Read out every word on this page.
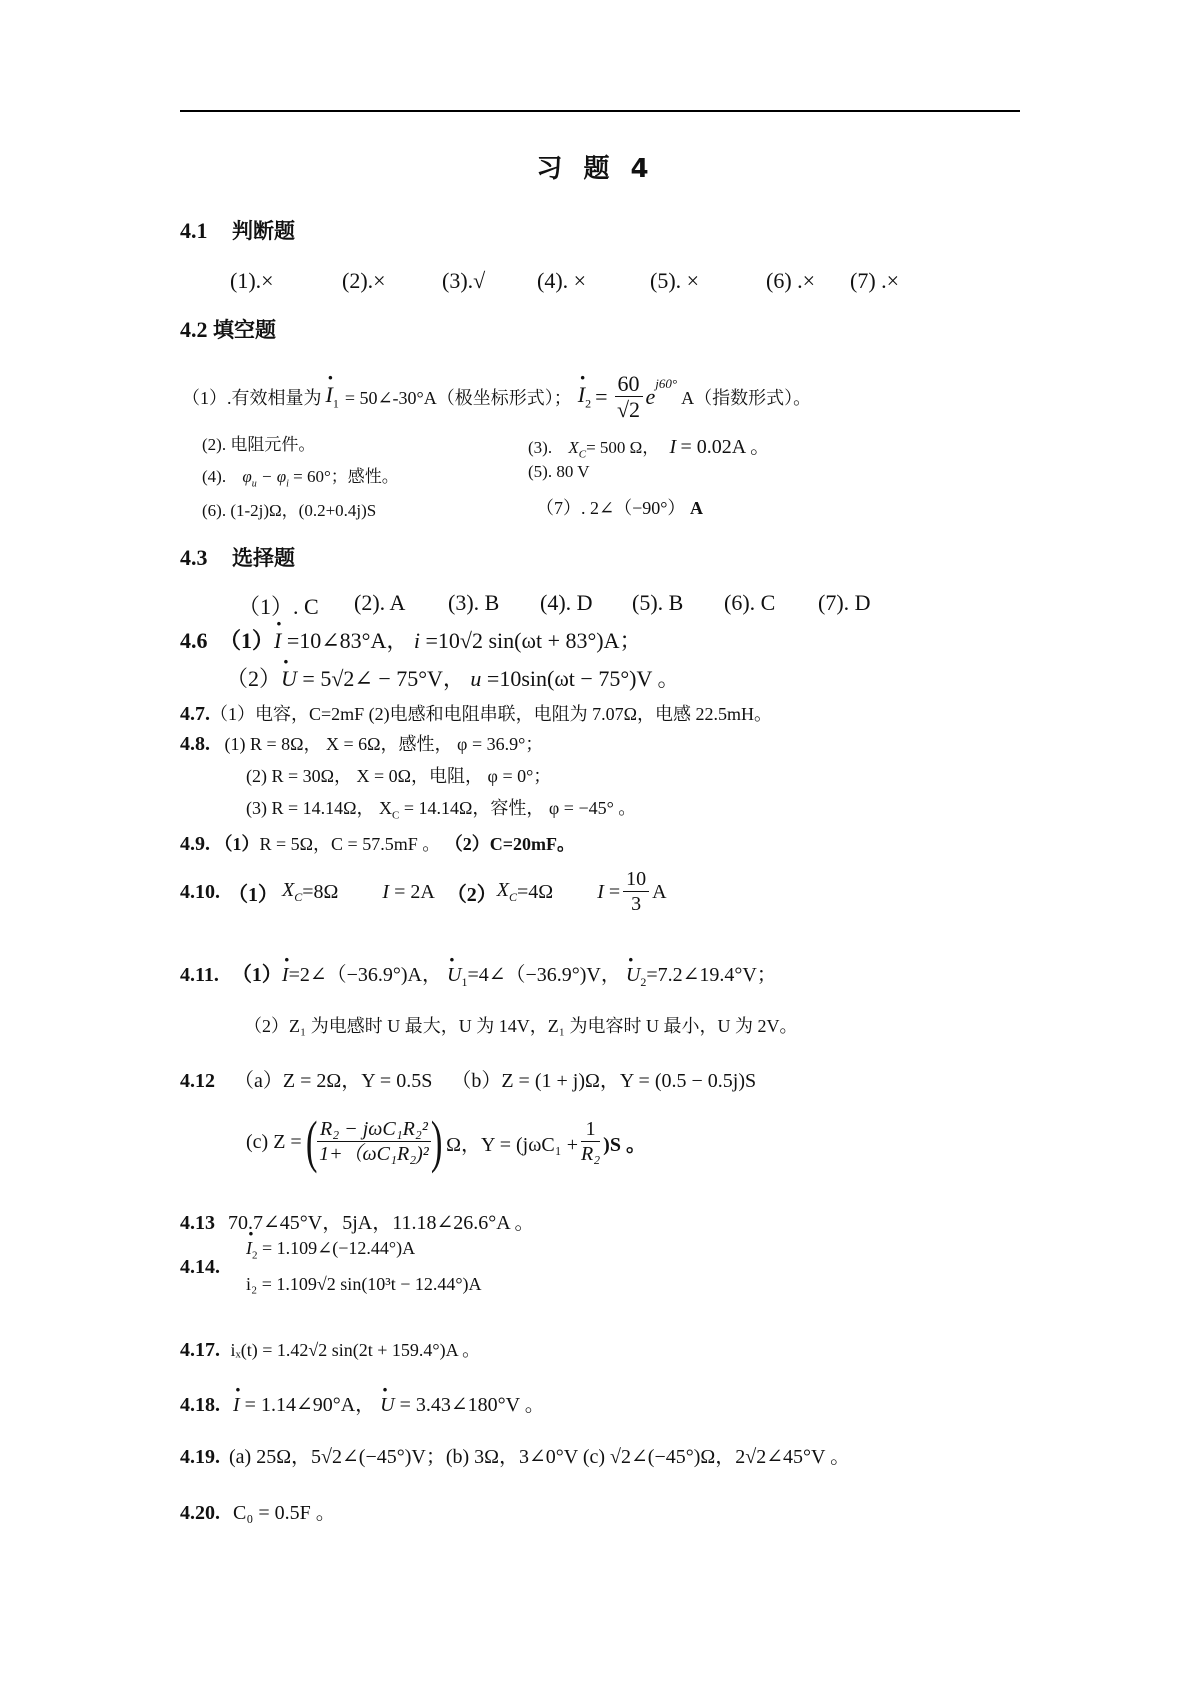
习 题 4
4.1 判断题
(1).×	(2).×	(3).√ (4). ×	(5). ×	(6) .× (7) .×
4.2 填空题
（1）.有效相量为 · $I_1$ = 50∠-30°A（极坐标形式）； · $I_2 = \frac{60}{√2}$ e
$^{j60^\circ}$
A（指数形式）。
(2). 电阻元件。	(3). $X_C= 500$ Ω， I = 0.02A 。
(4). $\varphi_u - \varphi_i = 60^\circ$；感性。	(5). 80 V
(6). (1-2j)Ω，(0.2+0.4j)S	（7）. 2∠（−90°） A
4.3 选择题
（1）. C (2). A (3). B (4). D (5). B (6). C (7). D
4.6 （1）· I =10∠83°A， i =10√2 sin(ωt + 83°)A；
（2）· U = 5√2∠ − 75°V， u =10sin(ωt − 75°)V 。
4.7.（1）电容，C=2mF (2)电感和电阻串联，电阻为 7.07Ω，电感 22.5mH。
4.8. (1) R = 8Ω， X = 6Ω，感性， φ = 36.9°；
(2) R = 30Ω， X = 0Ω，电阻， φ = 0°；
(3) R = 14.14Ω， $X_C = 14.14\Omega$，容性， φ = −45° 。
4.9. （1）R = 5Ω，C = 57.5mF 。 （2）C=20mF。
4.10. （1） $X_C =8\Omega$ I
= 2A （2） $X_C =4\Omega$ $I = \frac{10}{3}$ A
4.11. （1）· I=2∠（−36.9°)A， · $U_1=4\angle(-36.9^\circ)V$， · $U_2=7.2\angle 19.4^\circ V$；
（2）Z₁ 为电感时 U 最大，U 为 14V，Z₁ 为电容时 U 最小，U 为 2V。
4.12 （a）Z = 2Ω，Y = 0.5S （b）Z = (1 + j)Ω，Y = (0.5 − 0.5j)S
(c) Z = ( $\frac{\text{R₂ − jωC₁R₂²}}{\text{1+（ωC₁R₂)²}}$ ) Ω，$Y = (j\omega C_1 + \frac{1}{\text{R₂}} )S$ 。
4.13 70.7∠45°V，5jA，11.18∠26.6°A 。
4.14.
· $I_2$ = 1.109∠(−12.44°)A
i₂ = 1.109√2 sin(10³t − 12.44°)A
4.17. iₓ(t) = 1.42√2 sin(2t + 159.4°)A 。
4.18. · I = 1.14∠90°A， · U = 3.43∠180°V 。
4.19. (a) 25Ω，5√2∠(−45°)V；(b) 3Ω，3∠0°V (c) √2∠(−45°)Ω，2√2∠45°V 。
4.20. C₀ = 0.5F 。
